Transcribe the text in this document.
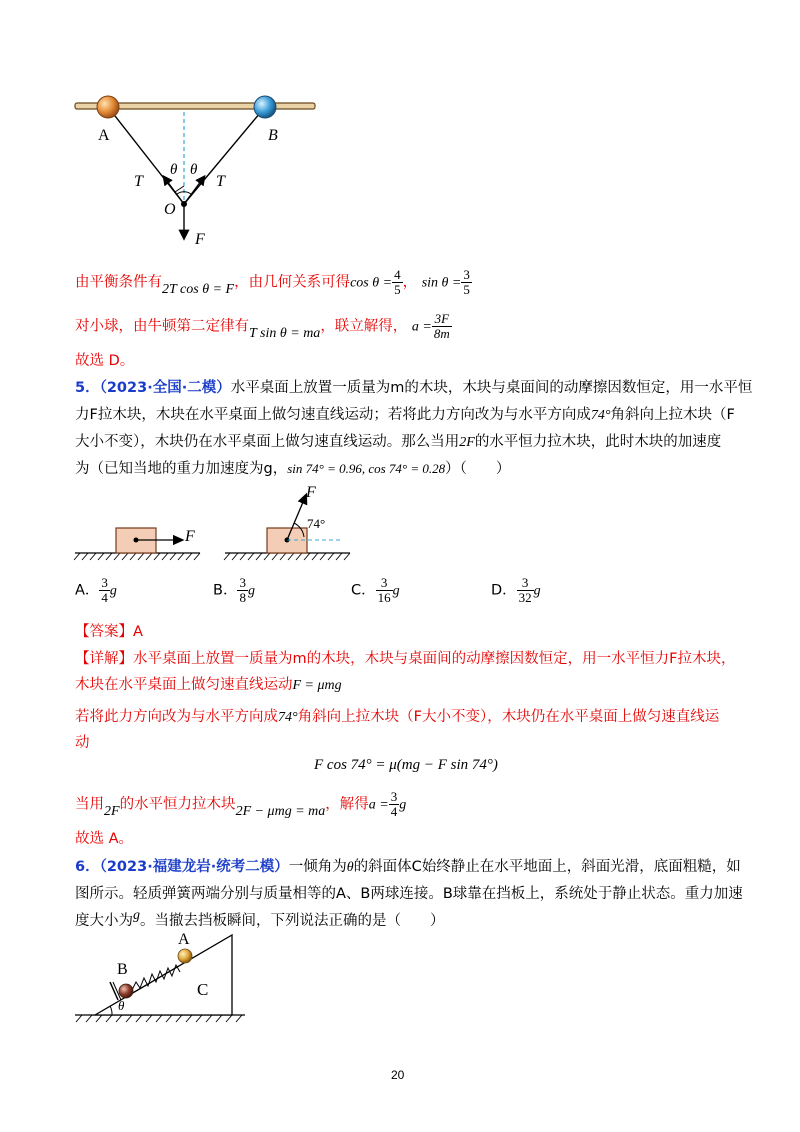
A	B
T	T
θ θ
O
F
由平衡条件有2T cos θ = F，由几何关系可得$\cos \theta = \frac{4}{5}$ ， $\sin \theta = \frac{3}{5}$
对小球，由牛顿第二定律有T sin θ = ma，联立解得， $a = \frac{3F}{8m}$
故选 D。
5．（2023·全国·二模）水平桌面上放置一质量为m的木块，木块与桌面间的动摩擦因数恒定，用一水平恒
力F拉木块，木块在水平桌面上做匀速直线运动；若将此力方向改为与水平方向成74°角斜向上拉木块（F
大小不变），木块仍在水平桌面上做匀速直线运动。那么当用2F的水平恒力拉木块，此时木块的加速度
为（已知当地的重力加速度为g，sin 74° = 0.96, cos 74° = 0.28）（　　）
F
F
74°
A． $\frac{3}{4}$ g	B． $\frac{3}{8}$ g	C． $\frac{3}{16}$ g	D． $\frac{3}{32}$ g
【答案】A
【详解】水平桌面上放置一质量为m的木块，木块与桌面间的动摩擦因数恒定，用一水平恒力F拉木块，
木块在水平桌面上做匀速直线运动F = μmg
若将此力方向改为与水平方向成74°角斜向上拉木块（F大小不变），木块仍在水平桌面上做匀速直线运
动
F cos 74° = μ(mg − F sin 74°)
当用2F的水平恒力拉木块2F − μmg = ma，解得$a = \frac{3}{4}$ g
故选 A。
6．（2023·福建龙岩·统考二模）一倾角为θ的斜面体C始终静止在水平地面上，斜面光滑，底面粗糙，如
图所示。轻质弹簧两端分别与质量相等的A、B两球连接。B球靠在挡板上，系统处于静止状态。重力加速
度大小为g。当撤去挡板瞬间，下列说法正确的是（　　）
A
B
C
θ
20
